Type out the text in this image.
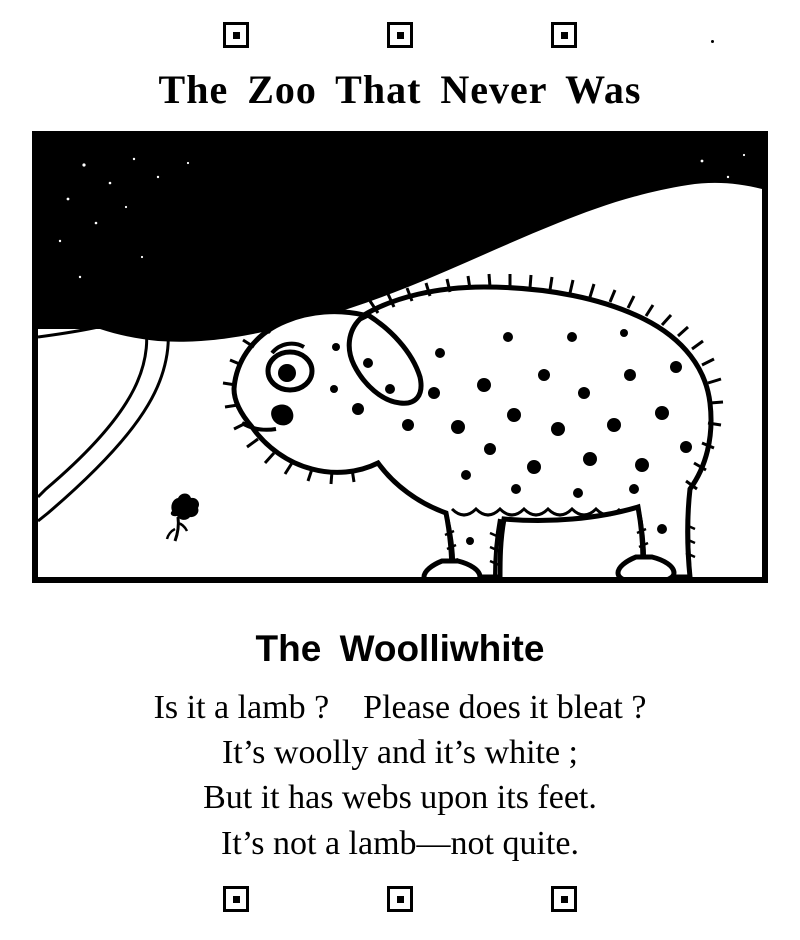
The Zoo That Never Was
The Woolliwhite
Is it a lamb ?    Please does it bleat ?
It’s woolly and it’s white ;
But it has webs upon its feet.
It’s not a lamb—not quite.
